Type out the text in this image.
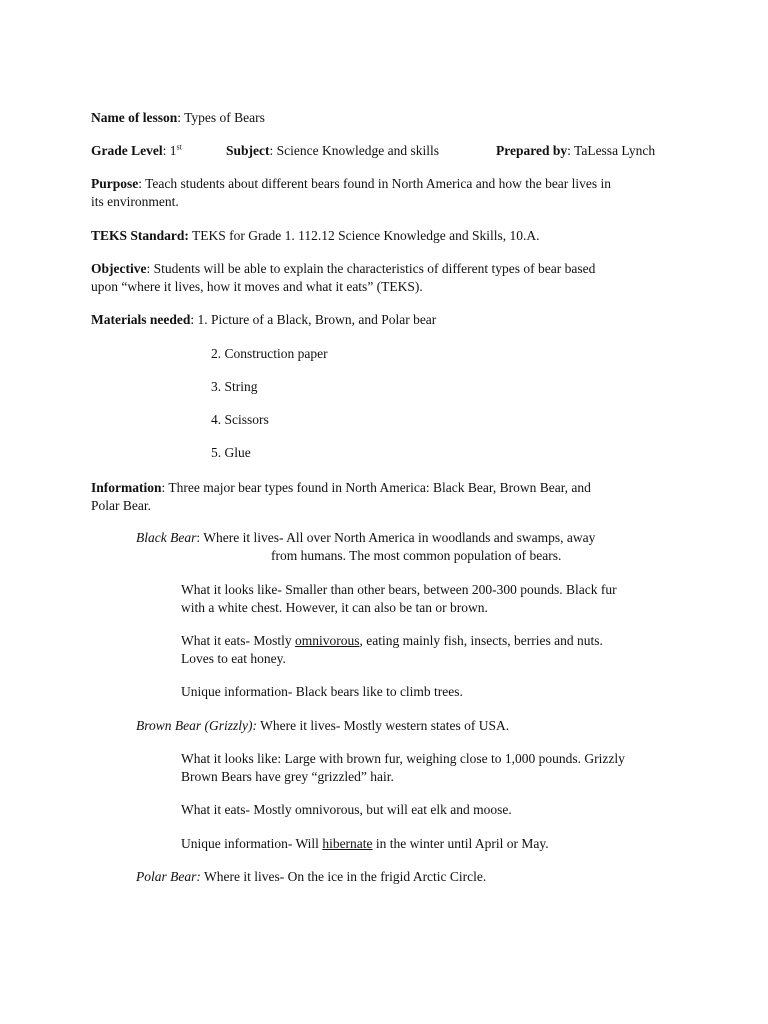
Name of lesson: Types of Bears
Grade Level: 1st	Subject: Science Knowledge and skills	Prepared by: TaLessa Lynch
Purpose: Teach students about different bears found in North America and how the bear lives in
its environment.
TEKS Standard: TEKS for Grade 1. 112.12 Science Knowledge and Skills, 10.A.
Objective: Students will be able to explain the characteristics of different types of bear based
upon “where it lives, how it moves and what it eats” (TEKS).
Materials needed: 1. Picture of a Black, Brown, and Polar bear
2. Construction paper
3. String
4. Scissors
5. Glue
Information: Three major bear types found in North America: Black Bear, Brown Bear, and
Polar Bear.
Black Bear: Where it lives- All over North America in woodlands and swamps, away
from humans. The most common population of bears.
What it looks like- Smaller than other bears, between 200-300 pounds. Black fur
with a white chest. However, it can also be tan or brown.
What it eats- Mostly omnivorous, eating mainly fish, insects, berries and nuts.
Loves to eat honey.
Unique information- Black bears like to climb trees.
Brown Bear (Grizzly): Where it lives- Mostly western states of USA.
What it looks like: Large with brown fur, weighing close to 1,000 pounds. Grizzly
Brown Bears have grey “grizzled” hair.
What it eats- Mostly omnivorous, but will eat elk and moose.
Unique information- Will hibernate in the winter until April or May.
Polar Bear: Where it lives- On the ice in the frigid Arctic Circle.
